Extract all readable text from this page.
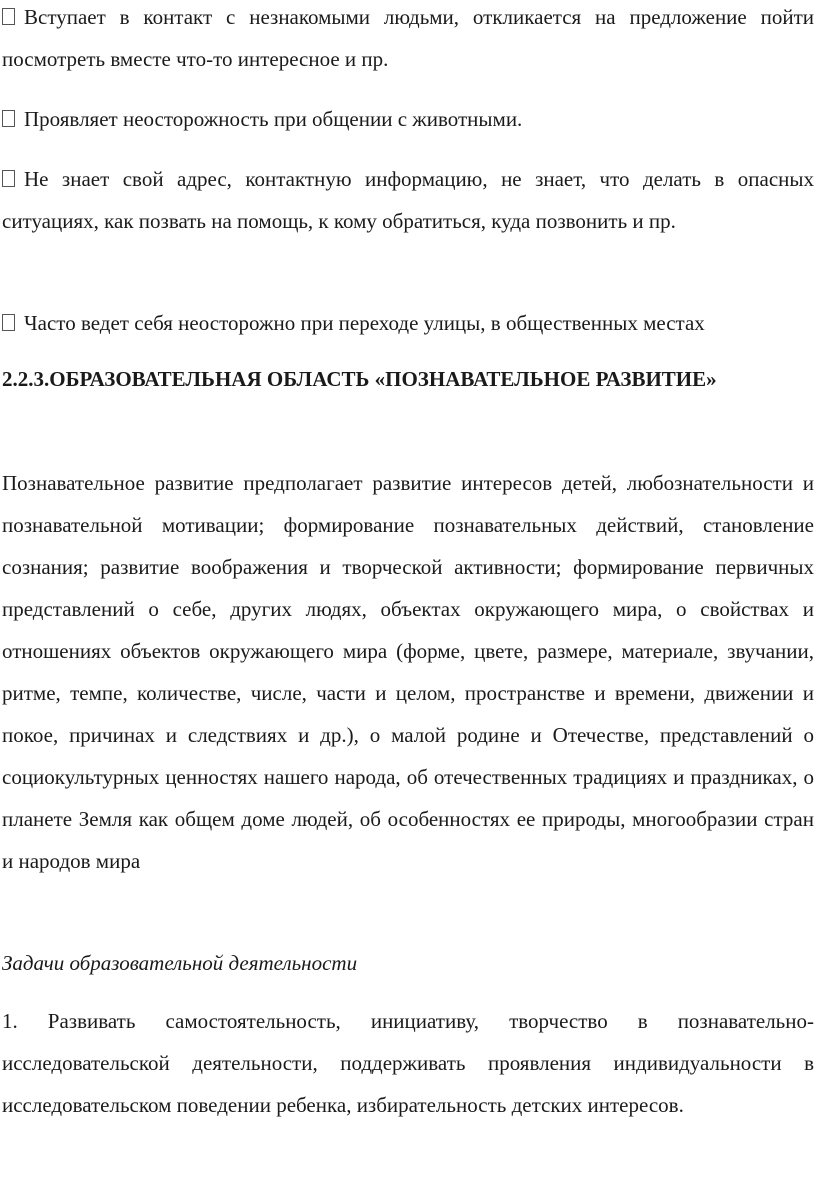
Вступает в контакт с незнакомыми людьми, откликается на предложение пойти посмотреть вместе что-то интересное и пр.

Проявляет неосторожность при общении с животными.

Не знает свой адрес, контактную информацию, не знает, что делать в опасных ситуациях, как позвать на помощь, к кому обратиться, куда позвонить и пр.

Часто ведет себя неосторожно при переходе улицы, в общественных местах

2.2.3.ОБРАЗОВАТЕЛЬНАЯ ОБЛАСТЬ «ПОЗНАВАТЕЛЬНОЕ РАЗВИТИЕ»

Познавательное развитие предполагает развитие интересов детей, любознательности и познавательной мотивации; формирование познавательных действий, становление сознания; развитие воображения и творческой активности; формирование первичных представлений о себе, других людях, объектах окружающего мира, о свойствах и отношениях объектов окружающего мира (форме, цвете, размере, материале, звучании, ритме, темпе, количестве, числе, части и целом, пространстве и времени, движении и покое, причинах и следствиях и др.), о малой родине и Отечестве, представлений о социокультурных ценностях нашего народа, об отечественных традициях и праздниках, о планете Земля как общем доме людей, об особенностях ее природы, многообразии стран и народов мира

Задачи образовательной деятельности

1. Развивать самостоятельность, инициативу, творчество в познавательно-исследовательской деятельности, поддерживать проявления индивидуальности в исследовательском поведении ребенка, избирательность детских интересов.
